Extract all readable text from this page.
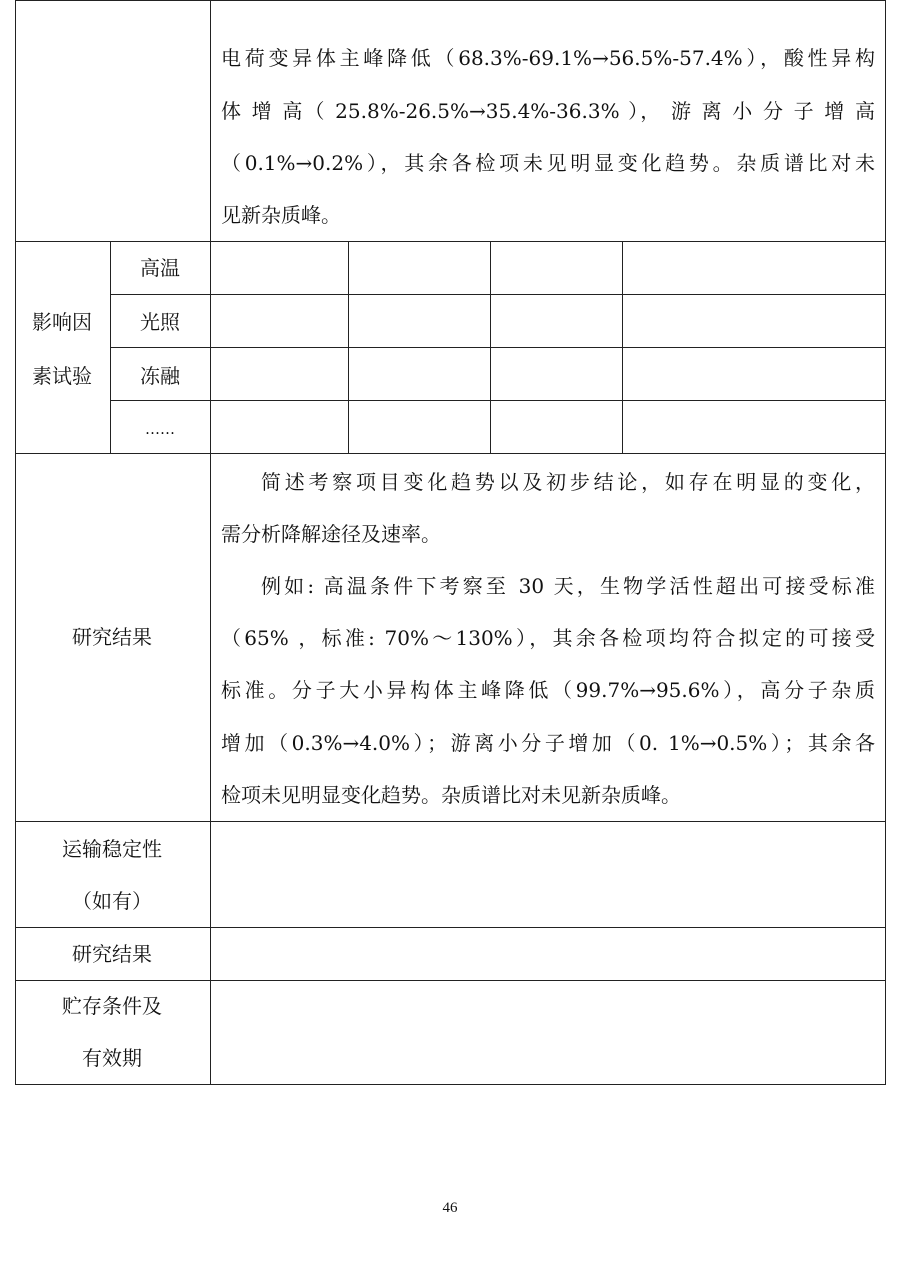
电荷变异体主峰降低（68.3%-69.1%→56.5%-57.4%），酸性异构
体 增 高（ 25.8%-26.5%→35.4%-36.3% ）， 游 离 小 分 子 增 高
（0.1%→0.2%），其余各检项未见明显变化趋势。杂质谱比对未
见新杂质峰。
影响因
素试验
高温
光照
冻融
……
研究结果
简述考察项目变化趋势以及初步结论，如存在明显的变化，
需分析降解途径及速率。
例如: 高温条件下考察至 30 天，生物学活性超出可接受标准
（65% ，标准: 70%～130%），其余各检项均符合拟定的可接受
标准。分子大小异构体主峰降低（99.7%→95.6%），高分子杂质
增加（0.3%→4.0%）；游离小分子增加（0. 1%→0.5%）；其余各
检项未见明显变化趋势。杂质谱比对未见新杂质峰。
运输稳定性
（如有）
研究结果
贮存条件及
有效期
46
